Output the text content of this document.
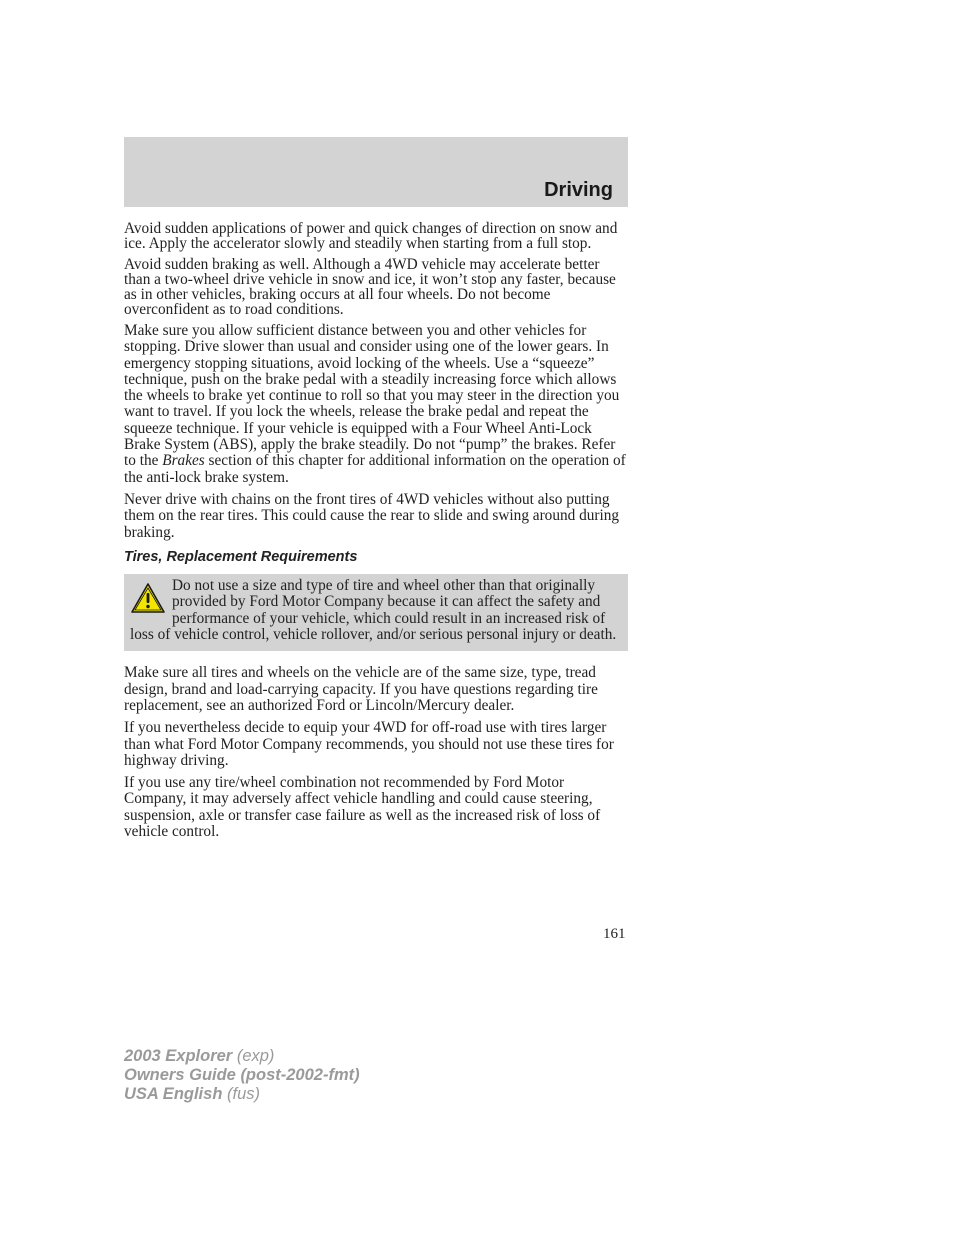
Driving

Avoid sudden applications of power and quick changes of direction on snow and ice. Apply the accelerator slowly and steadily when starting from a full stop.

Avoid sudden braking as well. Although a 4WD vehicle may accelerate better than a two-wheel drive vehicle in snow and ice, it won’t stop any faster, because as in other vehicles, braking occurs at all four wheels. Do not become overconfident as to road conditions.

Make sure you allow sufficient distance between you and other vehicles for stopping. Drive slower than usual and consider using one of the lower gears. In emergency stopping situations, avoid locking of the wheels. Use a “squeeze” technique, push on the brake pedal with a steadily increasing force which allows the wheels to brake yet continue to roll so that you may steer in the direction you want to travel. If you lock the wheels, release the brake pedal and repeat the squeeze technique. If your vehicle is equipped with a Four Wheel Anti-Lock Brake System (ABS), apply the brake steadily. Do not “pump” the brakes. Refer to the Brakes section of this chapter for additional information on the operation of the anti-lock brake system.

Never drive with chains on the front tires of 4WD vehicles without also putting them on the rear tires. This could cause the rear to slide and swing around during braking.

Tires, Replacement Requirements

Do not use a size and type of tire and wheel other than that originally provided by Ford Motor Company because it can affect the safety and performance of your vehicle, which could result in an increased risk of loss of vehicle control, vehicle rollover, and/or serious personal injury or death.

Make sure all tires and wheels on the vehicle are of the same size, type, tread design, brand and load-carrying capacity. If you have questions regarding tire replacement, see an authorized Ford or Lincoln/Mercury dealer.

If you nevertheless decide to equip your 4WD for off-road use with tires larger than what Ford Motor Company recommends, you should not use these tires for highway driving.

If you use any tire/wheel combination not recommended by Ford Motor Company, it may adversely affect vehicle handling and could cause steering, suspension, axle or transfer case failure as well as the increased risk of loss of vehicle control.

161
2003 Explorer (exp)
Owners Guide (post-2002-fmt)
USA English (fus)
